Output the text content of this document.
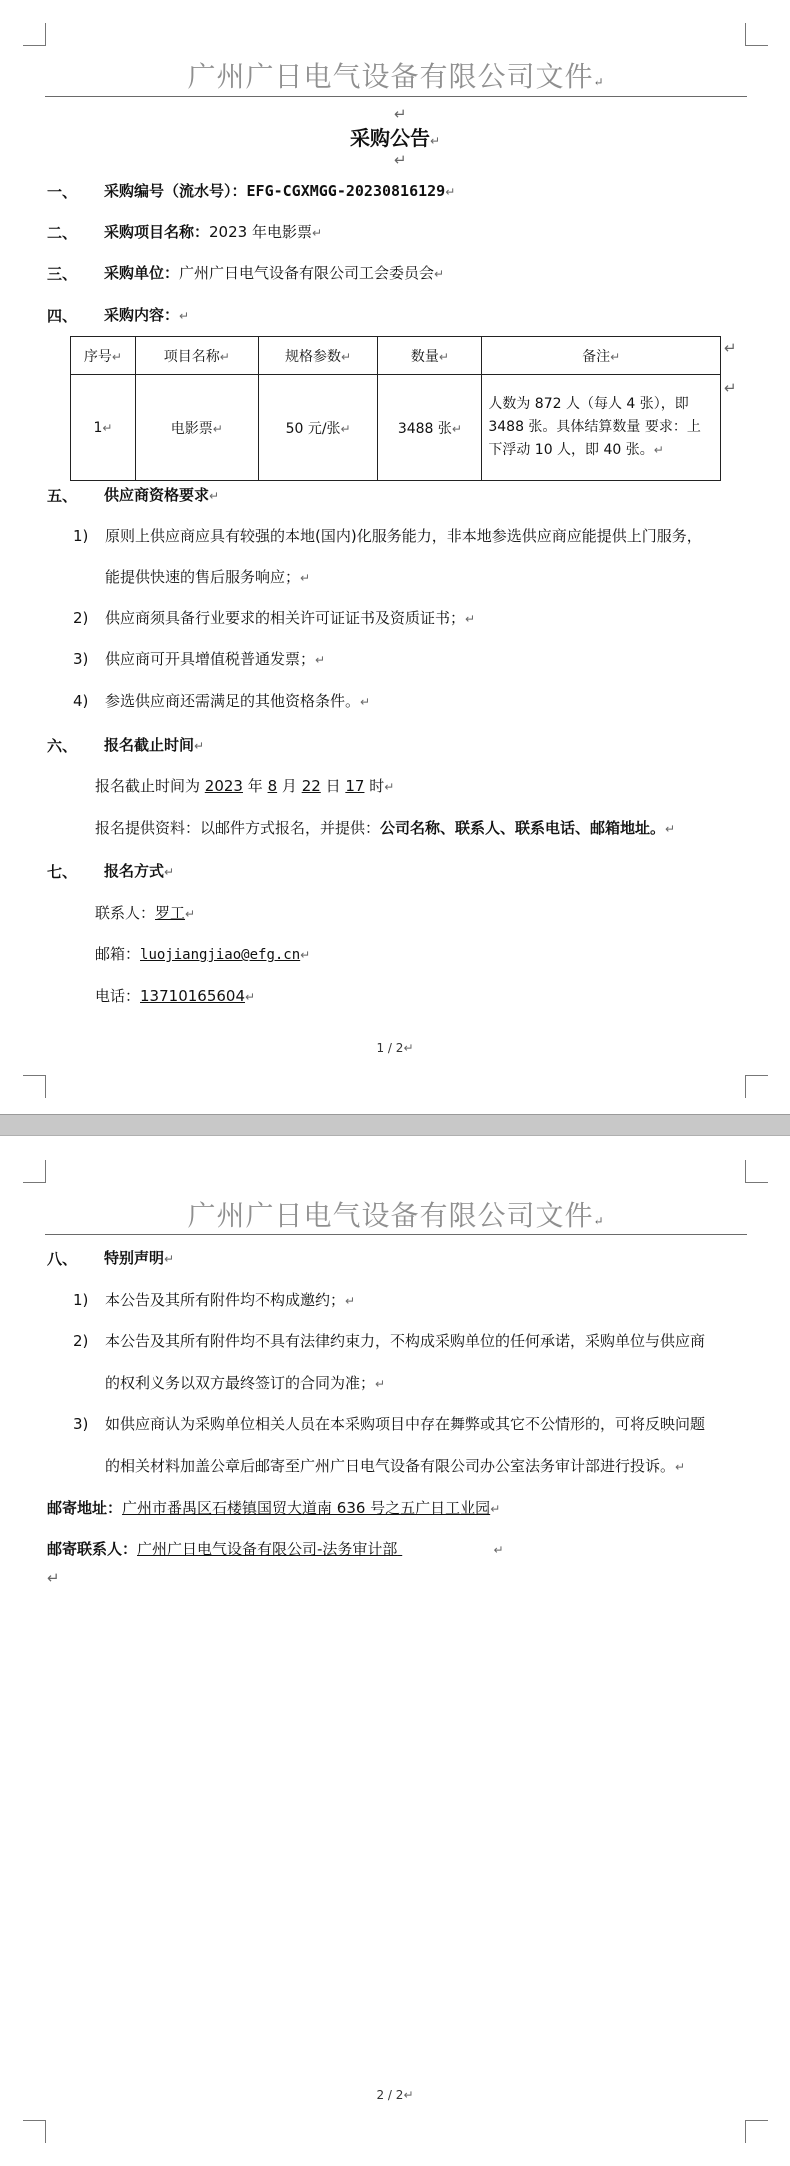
广州广日电气设备有限公司文件↵
↵
采购公告↵
↵
一、 采购编号（流水号）：EFG-CGXMGG-20230816129↵
二、 采购项目名称：2023 年电影票↵
三、 采购单位：广州广日电气设备有限公司工会委员会↵
四、 采购内容：↵
序号↵	项目名称↵	规格参数↵	数量↵	备注↵
1↵	电影票↵	50 元/张↵	3488 张↵	人数为 872 人（每人 4 张），即 3488 张。具体结算数量 要求：上下浮动 10 人，即 40 张。↵
↵
↵
五、 供应商资格要求↵
1) 原则上供应商应具有较强的本地(国内)化服务能力，非本地参选供应商应能提供上门服务，
能提供快速的售后服务响应；↵
2) 供应商须具备行业要求的相关许可证证书及资质证书；↵
3) 供应商可开具增值税普通发票；↵
4) 参选供应商还需满足的其他资格条件。↵
六、 报名截止时间↵
报名截止时间为 2023 年 8 月 22 日 17 时↵
报名提供资料：以邮件方式报名，并提供：公司名称、联系人、联系电话、邮箱地址。↵
七、 报名方式↵
联系人：罗工↵
邮箱：luojiangjiao@efg.cn↵
电话：13710165604↵
1 / 2↵
广州广日电气设备有限公司文件↵
八、 特别声明↵
1) 本公告及其所有附件均不构成邀约；↵
2) 本公告及其所有附件均不具有法律约束力，不构成采购单位的任何承诺，采购单位与供应商
的权利义务以双方最终签订的合同为准；↵
3) 如供应商认为采购单位相关人员在本采购项目中存在舞弊或其它不公情形的，可将反映问题
的相关材料加盖公章后邮寄至广州广日电气设备有限公司办公室法务审计部进行投诉。↵
邮寄地址：广州市番禺区石楼镇国贸大道南 636 号之五广日工业园↵
邮寄联系人：广州广日电气设备有限公司-法务审计部	↵
↵
2 / 2↵
